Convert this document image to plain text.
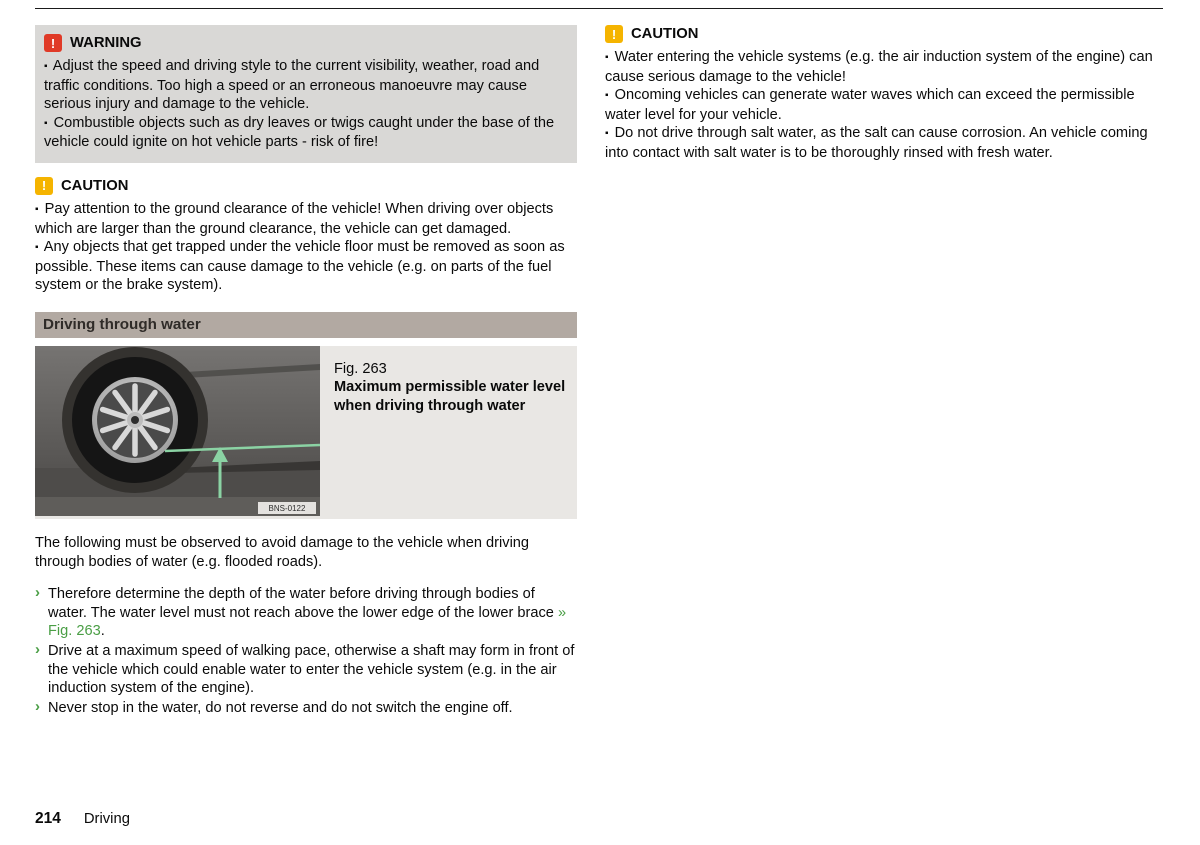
!	WARNING

▪ Adjust the speed and driving style to the current visibility, weather, road and traffic conditions. Too high a speed or an erroneous manoeuvre may cause serious injury and damage to the vehicle.

▪ Combustible objects such as dry leaves or twigs caught under the base of the vehicle could ignite on hot vehicle parts - risk of fire!

!	CAUTION

▪ Pay attention to the ground clearance of the vehicle! When driving over objects which are larger than the ground clearance, the vehicle can get damaged.

▪ Any objects that get trapped under the vehicle floor must be removed as soon as possible. These items can cause damage to the vehicle (e.g. on parts of the fuel system or the brake system).

Driving through water
BNS-0122
Fig. 263
Maximum permissible water level when driving through water

The following must be observed to avoid damage to the vehicle when driving through bodies of water (e.g. flooded roads).

› Therefore determine the depth of the water before driving through bodies of water. The water level must not reach above the lower edge of the lower brace » Fig. 263.

› Drive at a maximum speed of walking pace, otherwise a shaft may form in front of the vehicle which could enable water to enter the vehicle system (e.g. in the air induction system of the engine).

› Never stop in the water, do not reverse and do not switch the engine off.

!	CAUTION

▪ Water entering the vehicle systems (e.g. the air induction system of the engine) can cause serious damage to the vehicle!

▪ Oncoming vehicles can generate water waves which can exceed the permissible water level for your vehicle.

▪ Do not drive through salt water, as the salt can cause corrosion. An vehicle coming into contact with salt water is to be thoroughly rinsed with fresh water.

214 Driving
